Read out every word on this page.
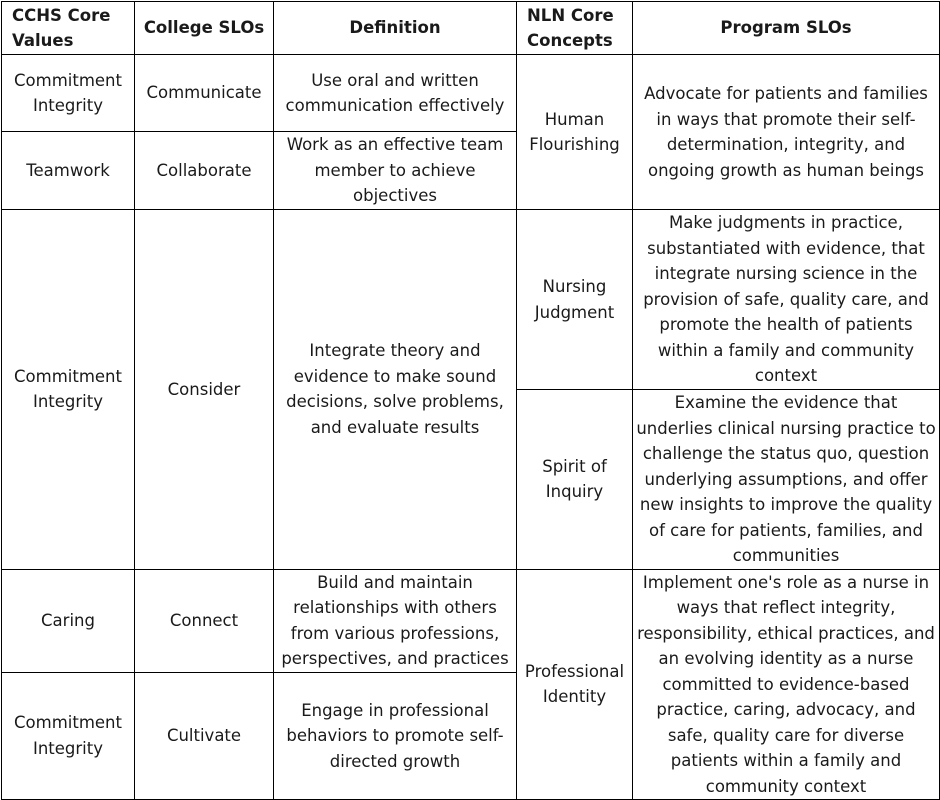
CCHS Core Values	College SLOs	Definition	NLN Core Concepts	Program SLOs
Commitment Integrity	Communicate	Use oral and written communication effectively	Human Flourishing	Advocate for patients and families in ways that promote their self-determination, integrity, and ongoing growth as human beings
Teamwork	Collaborate	Work as an effective team member to achieve objectives		
Commitment Integrity	Consider	Integrate theory and evidence to make sound decisions, solve problems, and evaluate results	Nursing Judgment	Make judgments in practice, substantiated with evidence, that integrate nursing science in the provision of safe, quality care, and promote the health of patients within a family and community context
			Spirit of Inquiry	Examine the evidence that underlies clinical nursing practice to challenge the status quo, question underlying assumptions, and offer new insights to improve the quality of care for patients, families, and communities
Caring	Connect	Build and maintain relationships with others from various professions, perspectives, and practices	Professional Identity	Implement one's role as a nurse in ways that reflect integrity, responsibility, ethical practices, and an evolving identity as a nurse committed to evidence-based practice, caring, advocacy, and safe, quality care for diverse patients within a family and community context
Commitment Integrity	Cultivate	Engage in professional behaviors to promote self-directed growth		
